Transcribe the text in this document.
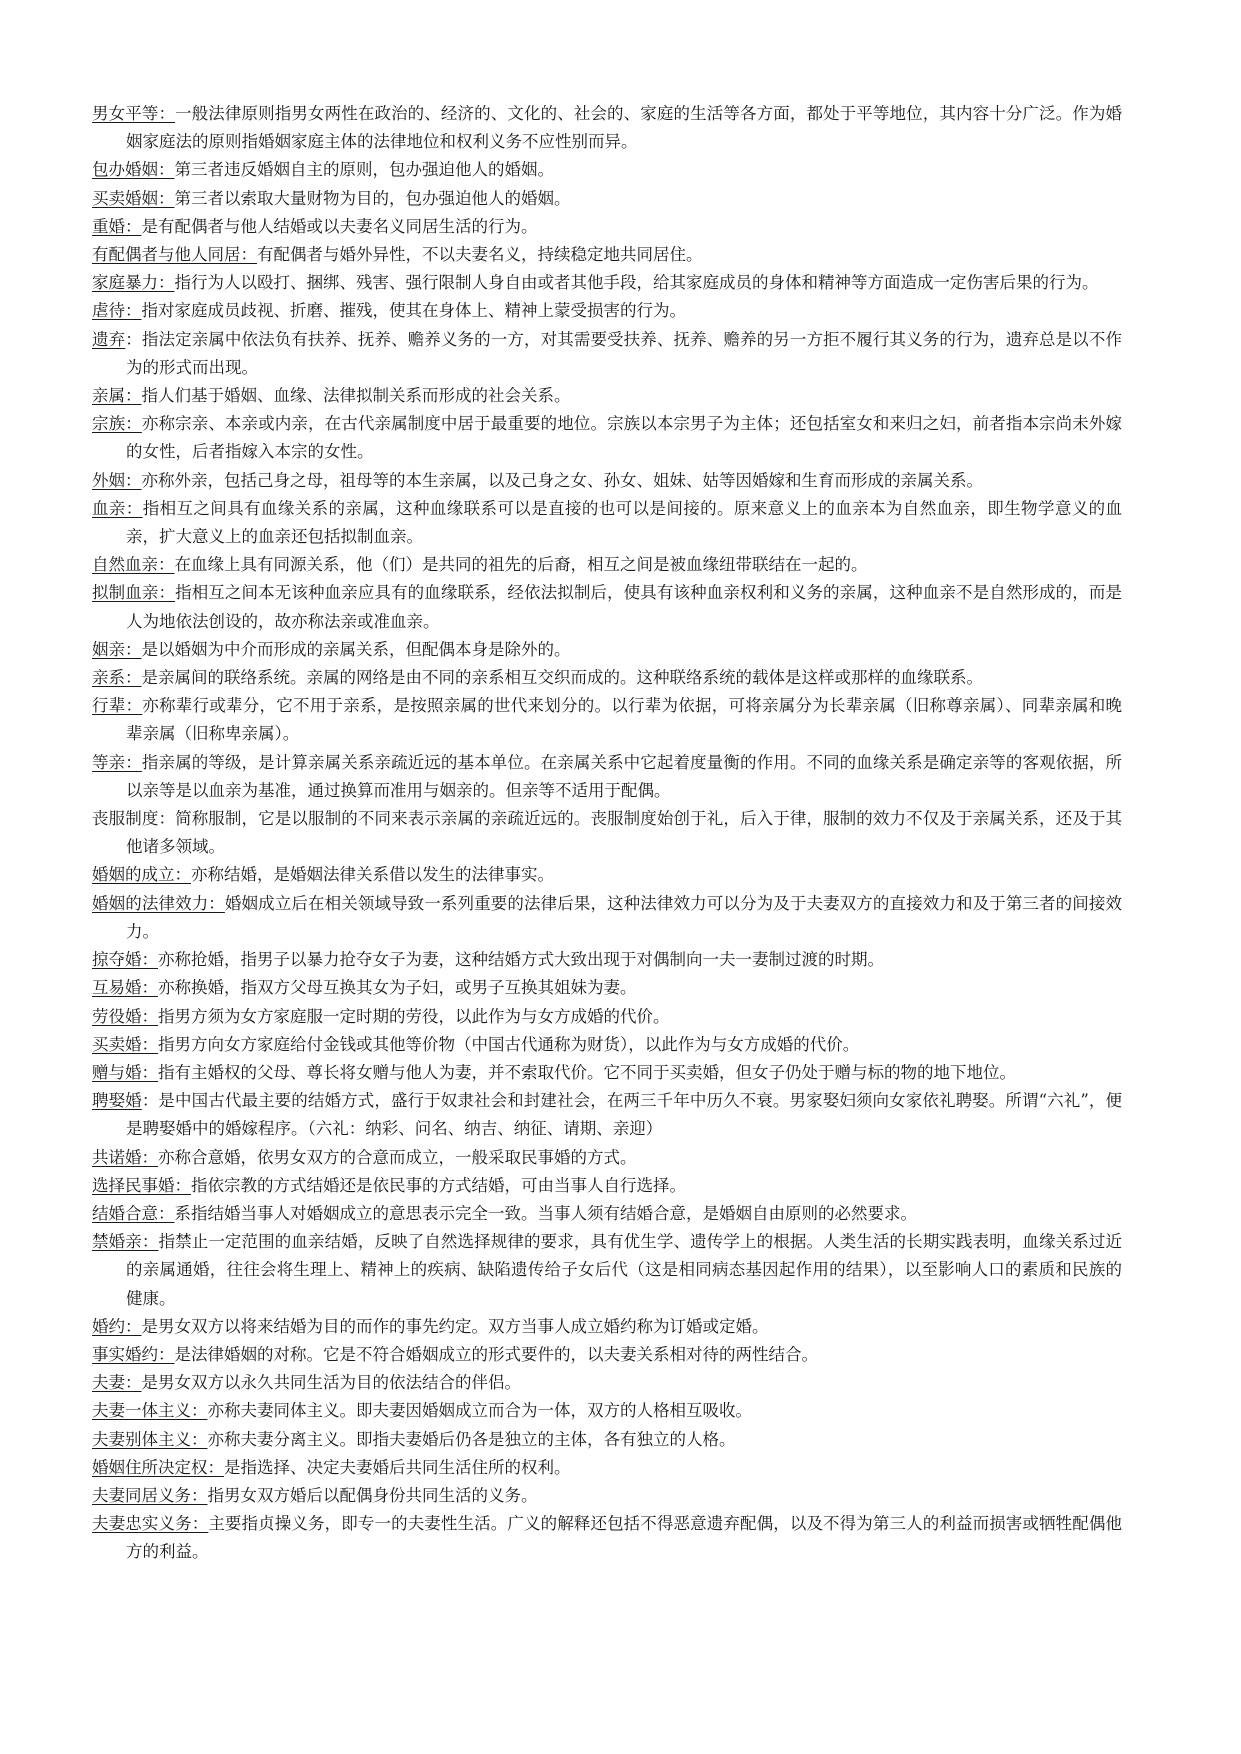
男女平等：一般法律原则指男女两性在政治的、经济的、文化的、社会的、家庭的生活等各方面，都处于平等地位，其内容十分广泛。作为婚姻家庭法的原则指婚姻家庭主体的法律地位和权利义务不应性别而异。

包办婚姻：第三者违反婚姻自主的原则，包办强迫他人的婚姻。

买卖婚姻：第三者以索取大量财物为目的，包办强迫他人的婚姻。

重婚：是有配偶者与他人结婚或以夫妻名义同居生活的行为。

有配偶者与他人同居：有配偶者与婚外异性，不以夫妻名义，持续稳定地共同居住。

家庭暴力：指行为人以殴打、捆绑、残害、强行限制人身自由或者其他手段，给其家庭成员的身体和精神等方面造成一定伤害后果的行为。

虐待：指对家庭成员歧视、折磨、摧残，使其在身体上、精神上蒙受损害的行为。

遗弃：指法定亲属中依法负有扶养、抚养、赡养义务的一方，对其需要受扶养、抚养、赡养的另一方拒不履行其义务的行为，遗弃总是以不作为的形式而出现。

亲属：指人们基于婚姻、血缘、法律拟制关系而形成的社会关系。

宗族：亦称宗亲、本亲或内亲，在古代亲属制度中居于最重要的地位。宗族以本宗男子为主体；还包括室女和来归之妇，前者指本宗尚未外嫁的女性，后者指嫁入本宗的女性。

外姻：亦称外亲，包括己身之母，祖母等的本生亲属，以及己身之女、孙女、姐妹、姑等因婚嫁和生育而形成的亲属关系。

血亲：指相互之间具有血缘关系的亲属，这种血缘联系可以是直接的也可以是间接的。原来意义上的血亲本为自然血亲，即生物学意义的血亲，扩大意义上的血亲还包括拟制血亲。

自然血亲：在血缘上具有同源关系，他（们）是共同的祖先的后裔，相互之间是被血缘纽带联结在一起的。

拟制血亲：指相互之间本无该种血亲应具有的血缘联系，经依法拟制后，使具有该种血亲权利和义务的亲属，这种血亲不是自然形成的，而是人为地依法创设的，故亦称法亲或准血亲。

姻亲：是以婚姻为中介而形成的亲属关系，但配偶本身是除外的。

亲系：是亲属间的联络系统。亲属的网络是由不同的亲系相互交织而成的。这种联络系统的载体是这样或那样的血缘联系。

行辈：亦称辈行或辈分，它不用于亲系，是按照亲属的世代来划分的。以行辈为依据，可将亲属分为长辈亲属（旧称尊亲属）、同辈亲属和晚辈亲属（旧称卑亲属）。

等亲：指亲属的等级，是计算亲属关系亲疏近远的基本单位。在亲属关系中它起着度量衡的作用。不同的血缘关系是确定亲等的客观依据，所以亲等是以血亲为基准，通过换算而准用与姻亲的。但亲等不适用于配偶。

丧服制度：简称服制，它是以服制的不同来表示亲属的亲疏近远的。丧服制度始创于礼，后入于律，服制的效力不仅及于亲属关系，还及于其他诸多领域。

婚姻的成立：亦称结婚，是婚姻法律关系借以发生的法律事实。

婚姻的法律效力：婚姻成立后在相关领域导致一系列重要的法律后果，这种法律效力可以分为及于夫妻双方的直接效力和及于第三者的间接效力。

掠夺婚：亦称抢婚，指男子以暴力抢夺女子为妻，这种结婚方式大致出现于对偶制向一夫一妻制过渡的时期。

互易婚：亦称换婚，指双方父母互换其女为子妇，或男子互换其姐妹为妻。

劳役婚：指男方须为女方家庭服一定时期的劳役，以此作为与女方成婚的代价。

买卖婚：指男方向女方家庭给付金钱或其他等价物（中国古代通称为财货），以此作为与女方成婚的代价。

赠与婚：指有主婚权的父母、尊长将女赠与他人为妻，并不索取代价。它不同于买卖婚，但女子仍处于赠与标的物的地下地位。

聘娶婚：是中国古代最主要的结婚方式，盛行于奴隶社会和封建社会，在两三千年中历久不衰。男家娶妇须向女家依礼聘娶。所谓“六礼”，便是聘娶婚中的婚嫁程序。（六礼：纳彩、问名、纳吉、纳征、请期、亲迎）

共诺婚：亦称合意婚，依男女双方的合意而成立，一般采取民事婚的方式。

选择民事婚：指依宗教的方式结婚还是依民事的方式结婚，可由当事人自行选择。

结婚合意：系指结婚当事人对婚姻成立的意思表示完全一致。当事人须有结婚合意，是婚姻自由原则的必然要求。

禁婚亲：指禁止一定范围的血亲结婚，反映了自然选择规律的要求，具有优生学、遗传学上的根据。人类生活的长期实践表明，血缘关系过近的亲属通婚，往往会将生理上、精神上的疾病、缺陷遗传给子女后代（这是相同病态基因起作用的结果），以至影响人口的素质和民族的健康。

婚约：是男女双方以将来结婚为目的而作的事先约定。双方当事人成立婚约称为订婚或定婚。

事实婚约：是法律婚姻的对称。它是不符合婚姻成立的形式要件的，以夫妻关系相对待的两性结合。

夫妻：是男女双方以永久共同生活为目的依法结合的伴侣。

夫妻一体主义：亦称夫妻同体主义。即夫妻因婚姻成立而合为一体，双方的人格相互吸收。

夫妻别体主义：亦称夫妻分离主义。即指夫妻婚后仍各是独立的主体，各有独立的人格。

婚姻住所决定权：是指选择、决定夫妻婚后共同生活住所的权利。

夫妻同居义务：指男女双方婚后以配偶身份共同生活的义务。

夫妻忠实义务：主要指贞操义务，即专一的夫妻性生活。广义的解释还包括不得恶意遗弃配偶，以及不得为第三人的利益而损害或牺牲配偶他方的利益。
